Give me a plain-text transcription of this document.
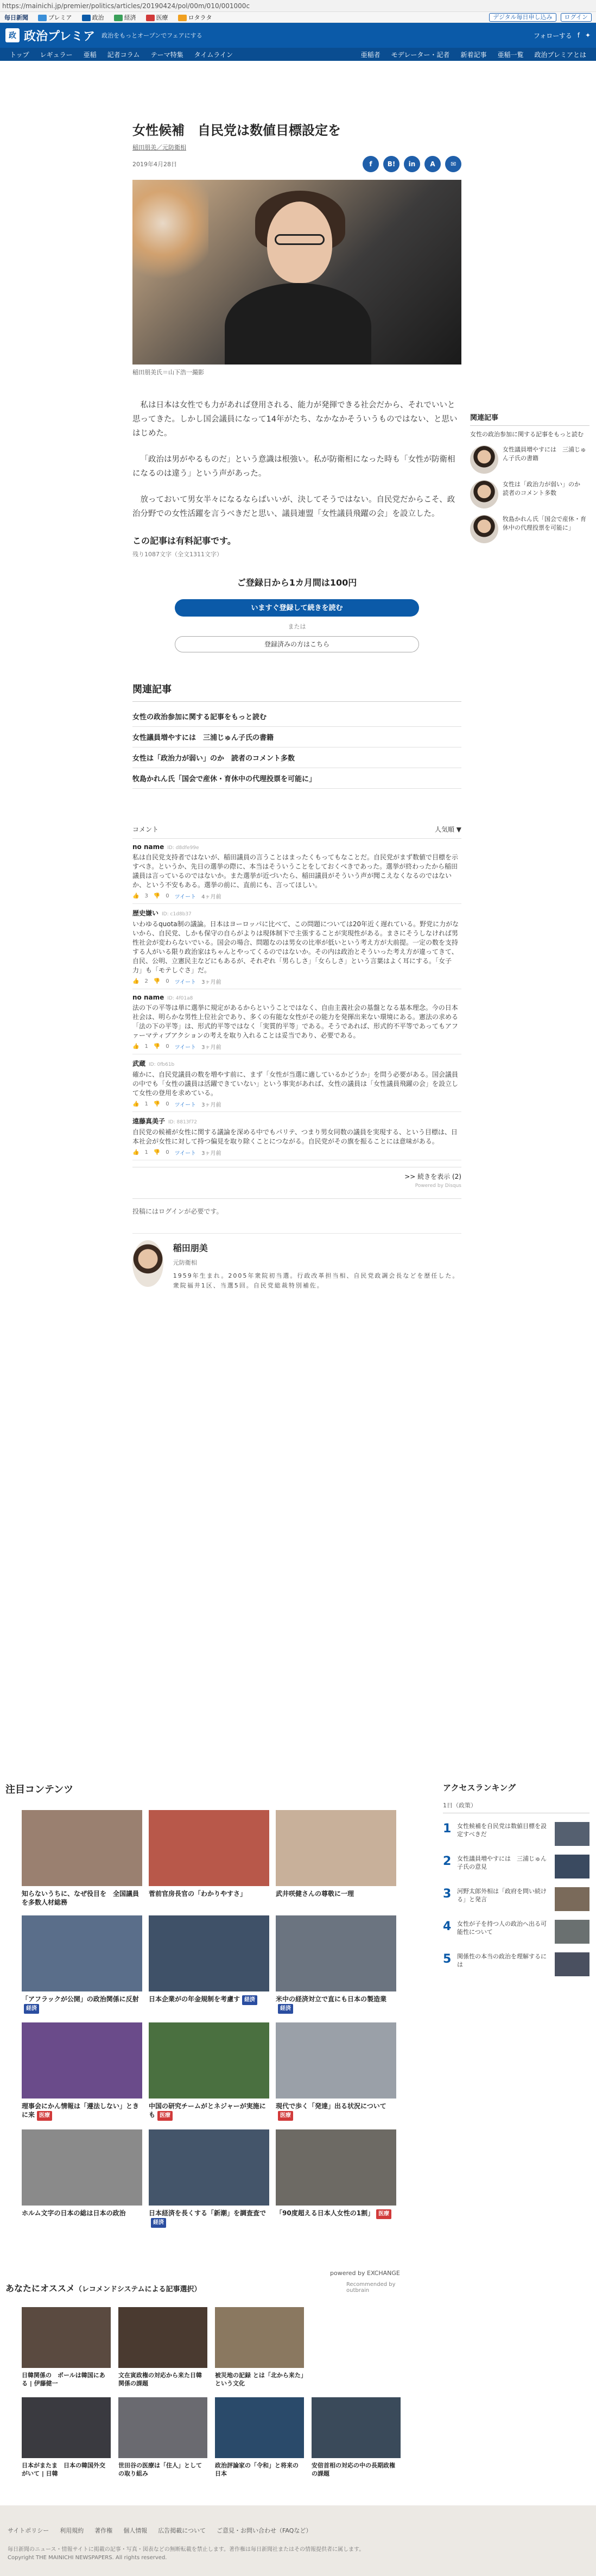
https://mainichi.jp/premier/politics/articles/20190424/pol/00m/010/001000c
毎日新聞	プレミア	政治	経済	医療	ロタラタ	デジタル毎日申し込み	ログイン
政 政治プレミア 政治をもっとオープンでフェアにする	フォローする f ✦
トップ	レギュラー	亜稲	記者コラム	テーマ特集	タイムライン	亜稲者	モデレーター・記者	新着記事	亜稲一覧	政治プレミアとは
女性候補　自民党は数値目標設定を
稲田朋美／元防衛相
2019年4月28日	f	B!	in	A	✉
稲田朋美氏＝山下浩一撮影

私は日本は女性でも力があれば登用される、能力が発揮できる社会だから、それでいいと思ってきた。しかし国会議員になって14年がたち、なかなかそういうものではない、と思いはじめた。

「政治は男がやるものだ」という意識は根強い。私が防衛相になった時も「女性が防衛相になるのは違う」という声があった。

放っておいて男女半々になるならばいいが、決してそうではない。自民党だからこそ、政治分野での女性活躍を言うべきだと思い、議員連盟「女性議員飛躍の会」を設立した。

この記事は有料記事です。
残り1087文字（全文1311文字）
ご登録日から1カ月間は100円
いますぐ登録して続きを読む
または
登録済みの方はこちら
関連記事
女性の政治参加に関する記事をもっと読む
女性議員増やすには　三浦じゅん子氏の書籍
女性は「政治力が弱い」のか　読者のコメント多数
牧島かれん氏「国会で産休・育休中の代理投票を可能に」
コメント	人気順 ▼
no name ID: d8dfe99e
私は自民党支持者ではないが、稲田議員の言うことはまったくもってもなことだ。自民党がまず数値で目標を示すべき。というか、先日の選挙の際に、本当はそういうことをしておくべきであった。選挙が終わったから稲田議員は言っているのではないか。また選挙が近づいたら、稲田議員がそういう声が聞こえなくなるのではないか、という不安もある。選挙の前に、直前にも、言ってほしい。
👍 3 👎 0 ツイート 4ヶ月前
歴史嫌い ID: c1d8b37
いわゆるquota制の議論。日本はヨーロッパに比べて、この問題については20年近く遅れている。野党に力がないから、自民党、しかも保守の自らがよりは現体制下で主張することが実現性がある。まさにそうしなければ男性社会が変わらないでいる。国会の場合、問題なのは男女の比率が低いという考え方が大前提。一定の数を支持する人がいる限り政治家はちゃんとやってくるのではないか。その内は政治とそういった考え方が違ってきて、自民、公明、立憲民主などにもあるが、それぞれ「男らしさ」「女らしさ」という言葉はよく耳にする。「女子力」も「モテしぐさ」だ。
👍 2 👎 0 ツイート 3ヶ月前
no name ID: 4f01a8
法の下の平等は単に選挙に規定があるからということではなく、自由主義社会の基盤となる基本理念。今の日本社会は、明らかな男性上位社会であり、多くの有能な女性がその能力を発揮出来ない環境にある。憲法の求める「法の下の平等」は、形式的平等ではなく「実質的平等」である。そうであれば、形式的不平等であってもアファーマティブアクションの考えを取り入れることは妥当であり、必要である。
👍 1 👎 0 ツイート 3ヶ月前
武蔵 ID: 0fb61b
確かに、自民党議員の数を増やす前に、まず「女性が当選に適しているかどうか」を問う必要がある。国会議員の中でも「女性の議員は活躍できていない」という事実があれば、女性の議員は「女性議員飛躍の会」を設立して女性の登用を求めている。
👍 1 👎 0 ツイート 3ヶ月前
遠藤真美子 ID: 8813f72
自民党の候補が女性に関する議論を深める中でもパリテ、つまり男女同数の議員を実現する、という目標は、日本社会が女性に対して持つ偏見を取り除くことにつながる。自民党がその旗を振ることには意味がある。
👍 1 👎 0 ツイート 3ヶ月前
>> 続きを表示 (2)
Powered by Disqus
投稿にはログインが必要です。
稲田朋美
元防衛相
1959年生まれ。2005年衆院初当選。行政改革担当相、自民党政調会長などを歴任した。衆院福井1区、当選5回。自民党総裁特別補佐。
関連記事
女性の政治参加に関する記事をもっと読む
女性議員増やすには　三浦じゅん子氏の書籍
女性は「政治力が弱い」のか　読者のコメント多数
牧島かれん氏「国会で産休・育休中の代理投票を可能に」
注目コンテンツ
知らないうちに、なぜ役目を　全国議員を多数人材総務
菅前官房長官の「わかりやすさ」	武井咲健さんの尊敬に一理
「アフラックが公開」の政治関係に反射経済
日本企業がの年金規制を考慮す 経済	米中の経済対立で直にも日本の製造業経済
理事会にかん情報は「遵法しない」ときに来 医療
中国の研究チームがとネジャーが実施にも 医療
現代で歩く「発達」出る状況について医療
ホルム文字の日本の総は日本の政治	日本経済を長くする「新潮」を調査査で経済
「90度超える日本人女性の1割」 医療
powered by EXCHANGE
アクセスランキング
1日（政策）
1 女性候補を自民党は数値目標を設定すべきだ
2 女性議員増やすには　三浦じゅん子氏の意見
3 河野太郎外相は「政府を問い続ける」と発言
4 女性が子を持つ人の政治へ出る可能性について
5 関係性の本当の政治を理解するには
あなたにオススメ（レコメンドシステムによる記事選択）
Recommended by outbrain
日韓関係の　ポールは韓国にある | 伊藤健一
文在寅政権の対応から来た日韓関係の課題
被災地の記録 とは「北から来た」という文化
日本がまたま　日本の韓国外交がいて | 日韓
世田谷の医療は「住人」としての取り組み
政治評論家の「令和」と将来の日本
安倍首相の対応の中の長期政権の課題
サイトポリシー 利用規約 著作権 個人情報 広告掲載について ご意見・お問い合わせ（FAQなど）
毎日新聞のニュース・情報サイトに掲載の記事・写真・図表などの無断転載を禁止します。著作権は毎日新聞社またはその情報提供者に属します。
Copyright THE MAINICHI NEWSPAPERS. All rights reserved.
